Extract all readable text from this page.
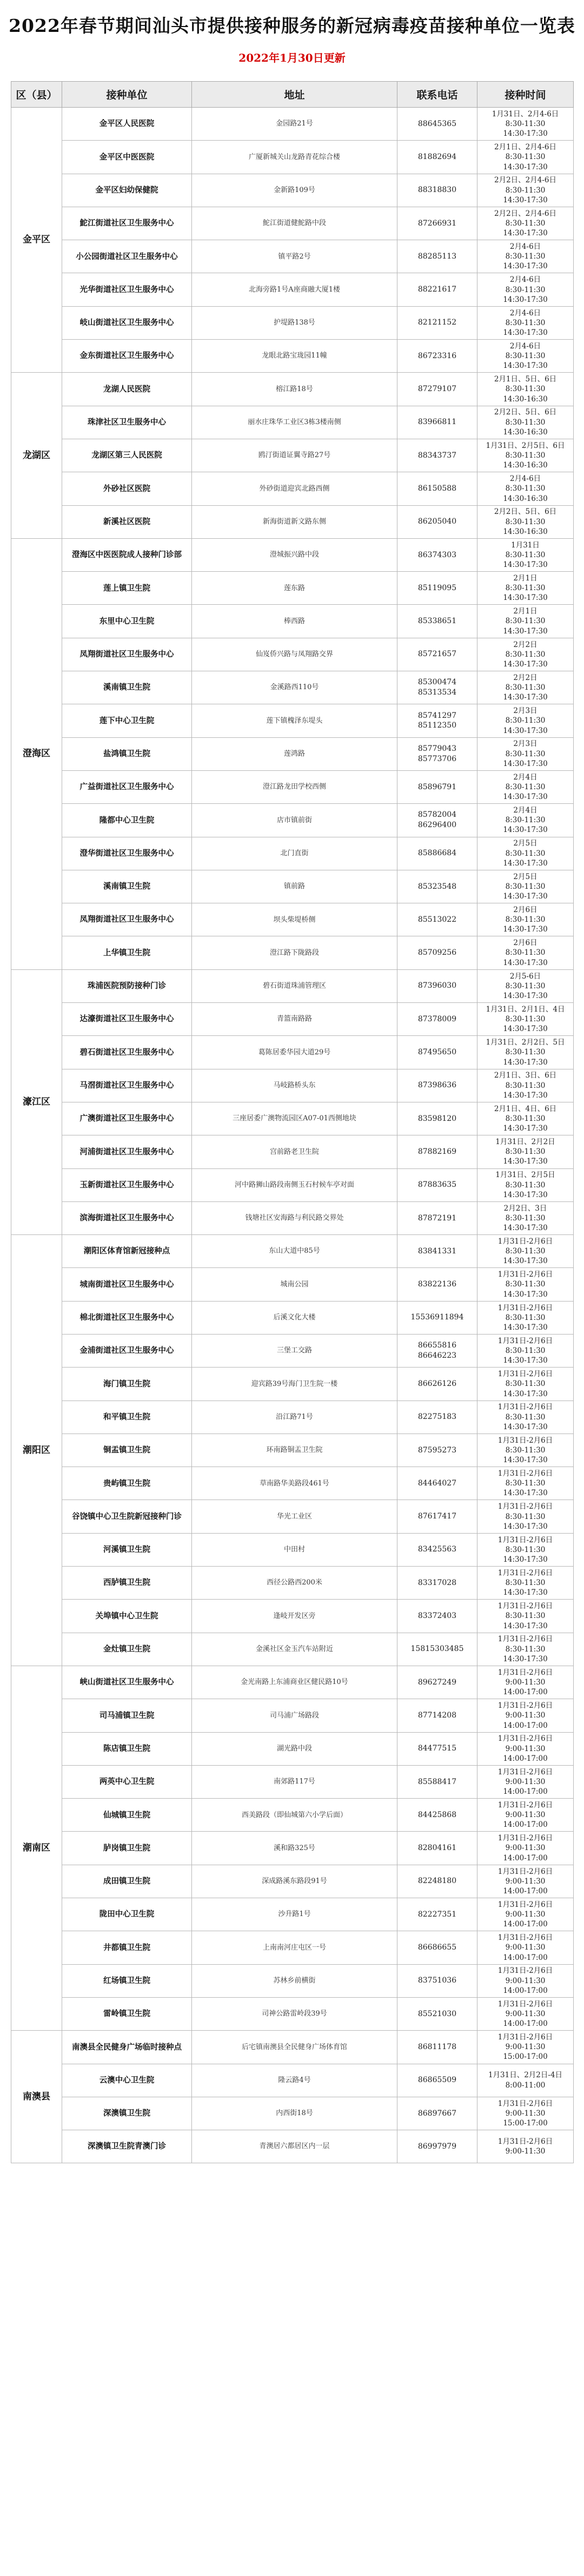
2022年春节期间汕头市提供接种服务的新冠病毒疫苗接种单位一览表
2022年1月30日更新
区（县）	接种单位	地址	联系电话	接种时间
金平区	金平区人民医院	金园路21号	88645365	1月31日、2月4-6日
8:30-11:30
14:30-17:30

	金平区中医医院	广厦新城关山龙路青花综合楼	81882694	2月1日、2月4-6日
8:30-11:30
14:30-17:30

	金平区妇幼保健院	金新路109号	88318830	2月2日、2月4-6日
8:30-11:30
14:30-17:30

	鮀江街道社区卫生服务中心	鮀江街道健鮀路中段	87266931	2月2日、2月4-6日
8:30-11:30
14:30-17:30

	小公园街道社区卫生服务中心	镇平路2号	88285113	2月4-6日
8:30-11:30
14:30-17:30

	光华街道社区卫生服务中心	北海旁路1号A座商融大厦1楼	88221617	2月4-6日
8:30-11:30
14:30-17:30

	岐山街道社区卫生服务中心	护堤路138号	82121152	2月4-6日
8:30-11:30
14:30-17:30

	金东街道社区卫生服务中心	龙眼北路宝珑园11幢	86723316	2月4-6日
8:30-11:30
14:30-17:30

龙湖区	龙湖人民医院	榕江路18号	87279107	2月1日、5日、6日
8:30-11:30
14:30-16:30

	珠津社区卫生服务中心	丽水庄珠华工业区3栋3楼南侧	83966811	2月2日、5日、6日
8:30-11:30
14:30-16:30

	龙湖区第三人民医院	鸥汀街道证翼寺路27号	88343737	1月31日、2月5日、6日
8:30-11:30
14:30-16:30

	外砂社区医院	外砂街道迎宾北路西侧	86150588	2月4-6日
8:30-11:30
14:30-16:30

	新溪社区医院	新海街道新文路东侧	86205040	2月2日、5日、6日
8:30-11:30
14:30-16:30

澄海区	澄海区中医医院成人接种门诊部	澄城振兴路中段	86374303	1月31日
8:30-11:30
14:30-17:30

	莲上镇卫生院	莲东路	85119095	2月1日
8:30-11:30
14:30-17:30

	东里中心卫生院	棒西路	85338651	2月1日
8:30-11:30
14:30-17:30

	凤翔街道社区卫生服务中心	仙岌侨兴路与凤翔路交界	85721657	2月2日
8:30-11:30
14:30-17:30

	溪南镇卫生院	金溪路西110号	85300474
85313534	2月2日
8:30-11:30
14:30-17:30

	莲下中心卫生院	莲下镇槐泽东堤头	85741297
85112350	2月3日
8:30-11:30
14:30-17:30

	盐鸿镇卫生院	莲鸿路	85779043
85773706	2月3日
8:30-11:30
14:30-17:30

	广益街道社区卫生服务中心	澄江路龙田学校西侧	85896791	2月4日
8:30-11:30
14:30-17:30

	隆都中心卫生院	店市镇前街	85782004
86296400	2月4日
8:30-11:30
14:30-17:30

	澄华街道社区卫生服务中心	北门直街	85886684	2月5日
8:30-11:30
14:30-17:30

	溪南镇卫生院	镇前路	85323548	2月5日
8:30-11:30
14:30-17:30

	凤翔街道社区卫生服务中心	坝头柴堤桥侧	85513022	2月6日
8:30-11:30
14:30-17:30

	上华镇卫生院	澄江路下陇路段	85709256	2月6日
8:30-11:30
14:30-17:30

濠江区	珠浦医院预防接种门诊	碧石街道珠浦管理区	87396030	2月5-6日
8:30-11:30
14:30-17:30

	达濠街道社区卫生服务中心	青篮南路路	87378009	1月31日、2月1日、4日
8:30-11:30
14:30-17:30

	碧石街道社区卫生服务中心	葛陈居委华园大道29号	87495650	1月31日、2月2日、5日
8:30-11:30
14:30-17:30

	马滘街道社区卫生服务中心	马岐路桥头东	87398636	2月1日、3日、6日
8:30-11:30
14:30-17:30

	广澳街道社区卫生服务中心	三座居委广澳物流园区A07-01西侧地块	83598120	2月1日、4日、6日
8:30-11:30
14:30-17:30

	河浦街道社区卫生服务中心	宫前路老卫生院	87882169	1月31日、2月2日
8:30-11:30
14:30-17:30

	玉新街道社区卫生服务中心	河中路狮山路段南侧玉石村候车亭对面	87883635	1月31日、2月5日
8:30-11:30
14:30-17:30

	滨海街道社区卫生服务中心	钱塘社区安海路与利民路交界处	87872191	2月2日、3日
8:30-11:30
14:30-17:30

潮阳区	潮阳区体育馆新冠接种点	东山大道中85号	83841331	1月31日-2月6日
8:30-11:30
14:30-17:30

	城南街道社区卫生服务中心	城南公园	83822136	1月31日-2月6日
8:30-11:30
14:30-17:30

	棉北街道社区卫生服务中心	后溪文化大楼	15536911894	1月31日-2月6日
8:30-11:30
14:30-17:30

	金浦街道社区卫生服务中心	三堡工交路	86655816
86646223	1月31日-2月6日
8:30-11:30
14:30-17:30

	海门镇卫生院	迎宾路39号海门卫生院一楼	86626126	1月31日-2月6日
8:30-11:30
14:30-17:30

	和平镇卫生院	沿江路71号	82275183	1月31日-2月6日
8:30-11:30
14:30-17:30

	铜盂镇卫生院	环南路铜盂卫生院	87595273	1月31日-2月6日
8:30-11:30
14:30-17:30

	贵屿镇卫生院	草南路华美路段461号	84464027	1月31日-2月6日
8:30-11:30
14:30-17:30

	谷饶镇中心卫生院新冠接种门诊	华光工业区	87617417	1月31日-2月6日
8:30-11:30
14:30-17:30

	河溪镇卫生院	中田村	83425563	1月31日-2月6日
8:30-11:30
14:30-17:30

	西胪镇卫生院	西径公路西200米	83317028	1月31日-2月6日
8:30-11:30
14:30-17:30

	关埠镇中心卫生院	逢岐开发区旁	83372403	1月31日-2月6日
8:30-11:30
14:30-17:30

	金灶镇卫生院	金溪社区金玉汽车站附近	15815303485	1月31日-2月6日
8:30-11:30
14:30-17:30

潮南区	峡山街道社区卫生服务中心	金光南路上东浦商业区健民路10号	89627249	1月31日-2月6日
9:00-11:30
14:00-17:00

	司马浦镇卫生院	司马浦广场路段	87714208	1月31日-2月6日
9:00-11:30
14:00-17:00

	陈店镇卫生院	湖光路中段	84477515	1月31日-2月6日
9:00-11:30
14:00-17:00

	两英中心卫生院	南郊路117号	85588417	1月31日-2月6日
9:00-11:30
14:00-17:00

	仙城镇卫生院	西美路段（即仙城第六小学后面）	84425868	1月31日-2月6日
9:00-11:30
14:00-17:00

	胪岗镇卫生院	溪和路325号	82804161	1月31日-2月6日
9:00-11:30
14:00-17:00

	成田镇卫生院	深成路溪东路段91号	82248180	1月31日-2月6日
9:00-11:30
14:00-17:00

	陇田中心卫生院	沙升路1号	82227351	1月31日-2月6日
9:00-11:30
14:00-17:00

	井都镇卫生院	上南南河庄屯区一号	86686655	1月31日-2月6日
9:00-11:30
14:00-17:00

	红场镇卫生院	苏林乡前横街	83751036	1月31日-2月6日
9:00-11:30
14:00-17:00

	雷岭镇卫生院	司神公路雷岭段39号	85521030	1月31日-2月6日
9:00-11:30
14:00-17:00

南澳县	南澳县全民健身广场临时接种点	后宅镇南澳县全民健身广场体育馆	86811178	1月31日-2月6日
9:00-11:30
15:00-17:00

	云澳中心卫生院	隆云路4号	86865509	1月31日、2月2日-4日
8:00-11:00

	深澳镇卫生院	内西街18号	86897667	1月31日-2月6日
9:00-11:30
15:00-17:00

	深澳镇卫生院青澳门诊	青澳居六都居区内一层	86997979	1月31日-2月6日
9:00-11:30
